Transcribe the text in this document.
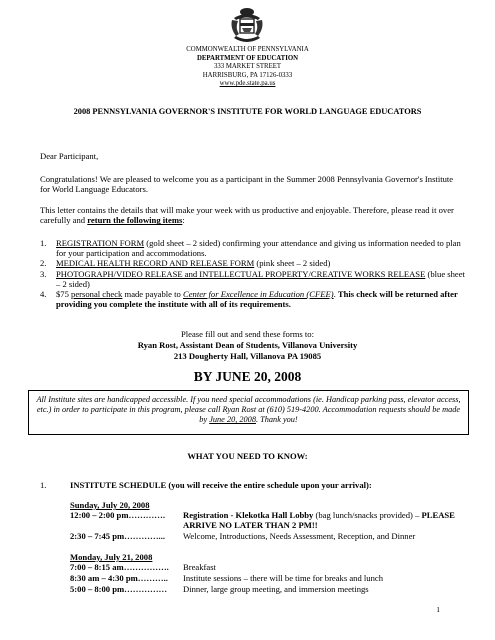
COMMONWEALTH OF PENNSYLVANIA
DEPARTMENT OF EDUCATION
333 MARKET STREET
HARRISBURG, PA 17126-0333
www.pde.state.pa.us
2008 PENNSYLVANIA GOVERNOR'S INSTITUTE FOR WORLD LANGUAGE EDUCATORS
Dear Participant,
Congratulations! We are pleased to welcome you as a participant in the Summer 2008 Pennsylvania Governor's Institute for World Language Educators.
This letter contains the details that will make your week with us productive and enjoyable. Therefore, please read it over carefully and return the following items:
1.	REGISTRATION FORM (gold sheet – 2 sided) confirming your attendance and giving us information needed to plan for your participation and accommodations.
2.	MEDICAL HEALTH RECORD AND RELEASE FORM (pink sheet – 2 sided)
3.	PHOTOGRAPH/VIDEO RELEASE and INTELLECTUAL PROPERTY/CREATIVE WORKS RELEASE (blue sheet – 2 sided)
4.	$75 personal check made payable to Center for Excellence in Education (CFEE). This check will be returned after providing you complete the institute with all of its requirements.
Please fill out and send these forms to:
Ryan Rost, Assistant Dean of Students, Villanova University
213 Dougherty Hall, Villanova PA 19085
BY JUNE 20, 2008
All Institute sites are handicapped accessible. If you need special accommodations (ie. Handicap parking pass, elevator access, etc.) in order to participate in this program, please call Ryan Rost at (610) 519-4200. Accommodation requests should be made by June 20, 2008. Thank you!
WHAT YOU NEED TO KNOW:
1.	INSTITUTE SCHEDULE (you will receive the entire schedule upon your arrival):
Sunday, July 20, 2008
12:00 – 2:00 pm………….	Registration - Klekotka Hall Lobby (bag lunch/snacks provided) – PLEASE ARRIVE NO LATER THAN 2 PM!!
2:30 – 7:45 pm…………...	Welcome, Introductions, Needs Assessment, Reception, and Dinner
Monday, July 21, 2008
7:00 – 8:15 am…………….	Breakfast
8:30 am – 4:30 pm………..	Institute sessions – there will be time for breaks and lunch
5:00 – 8:00 pm……………	Dinner, large group meeting, and immersion meetings
1
